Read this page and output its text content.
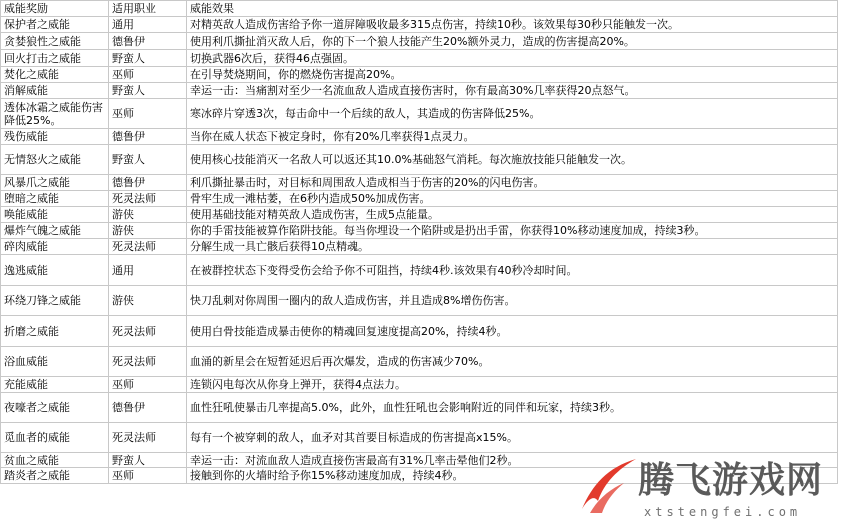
威能奖励	适用职业	威能效果
保护者之威能	通用	对精英敌人造成伤害给予你一道屏障吸收最多315点伤害，持续10秒。该效果每30秒只能触发一次。
贪婪狼性之威能	德鲁伊	使用利爪撕扯消灭敌人后，你的下一个狼人技能产生20%额外灵力，造成的伤害提高20%。
回火打击之威能	野蛮人	切换武器6次后，获得46点强固。
焚化之威能	巫师	在引导焚烧期间，你的燃烧伤害提高20%。
消解威能	野蛮人	幸运一击：当痛割对至少一名流血敌人造成直接伤害时，你有最高30%几率获得20点怒气。
透体冰霜之威能伤害降低25%。	巫师	寒冰碎片穿透3次，每击命中一个后续的敌人，其造成的伤害降低25%。
残伤威能	德鲁伊	当你在威人状态下被定身时，你有20%几率获得1点灵力。
无情怒火之威能	野蛮人	使用核心技能消灭一名敌人可以返还其10.0%基础怒气消耗。每次施放技能只能触发一次。
风暴爪之威能	德鲁伊	利爪撕扯暴击时，对目标和周围敌人造成相当于伤害的20%的闪电伤害。
堕暗之威能	死灵法师	骨牢生成一滩枯萎，在6秒内造成50%加成伤害。
唤能威能	游侠	使用基础技能对精英敌人造成伤害，生成5点能量。
爆炸气魄之威能	游侠	你的手雷技能被算作陷阱技能。每当你埋设一个陷阱或是扔出手雷，你获得10%移动速度加成，持续3秒。
碎肉威能	死灵法师	分解生成一具亡骸后获得10点精魂。
逸逃威能	通用	在被群控状态下变得受伤会给予你不可阻挡，持续4秒.该效果有40秒冷却时间。
环绕刀锋之威能	游侠	快刀乱刺对你周围一圈内的敌人造成伤害，并且造成8%增伤伤害。
折磨之威能	死灵法师	使用白骨技能造成暴击使你的精魂回复速度提高20%，持续4秒。
浴血威能	死灵法师	血涌的新星会在短暂延迟后再次爆发，造成的伤害减少70%。
充能威能	巫师	连锁闪电每次从你身上弹开，获得4点法力。
夜嚎者之威能	德鲁伊	血性狂吼使暴击几率提高5.0%，此外，血性狂吼也会影响附近的同伴和玩家，持续3秒。
觅血者的威能	死灵法师	每有一个被穿刺的敌人，血矛对其首要目标造成的伤害提高x15%。
贫血之威能	野蛮人	幸运一击：对流血敌人造成直接伤害最高有31%几率击晕他们2秒。
踏炎者之威能	巫师	接触到你的火墙时给予你15%移动速度加成，持续4秒。	腾飞游戏网
xtstengfei.com
